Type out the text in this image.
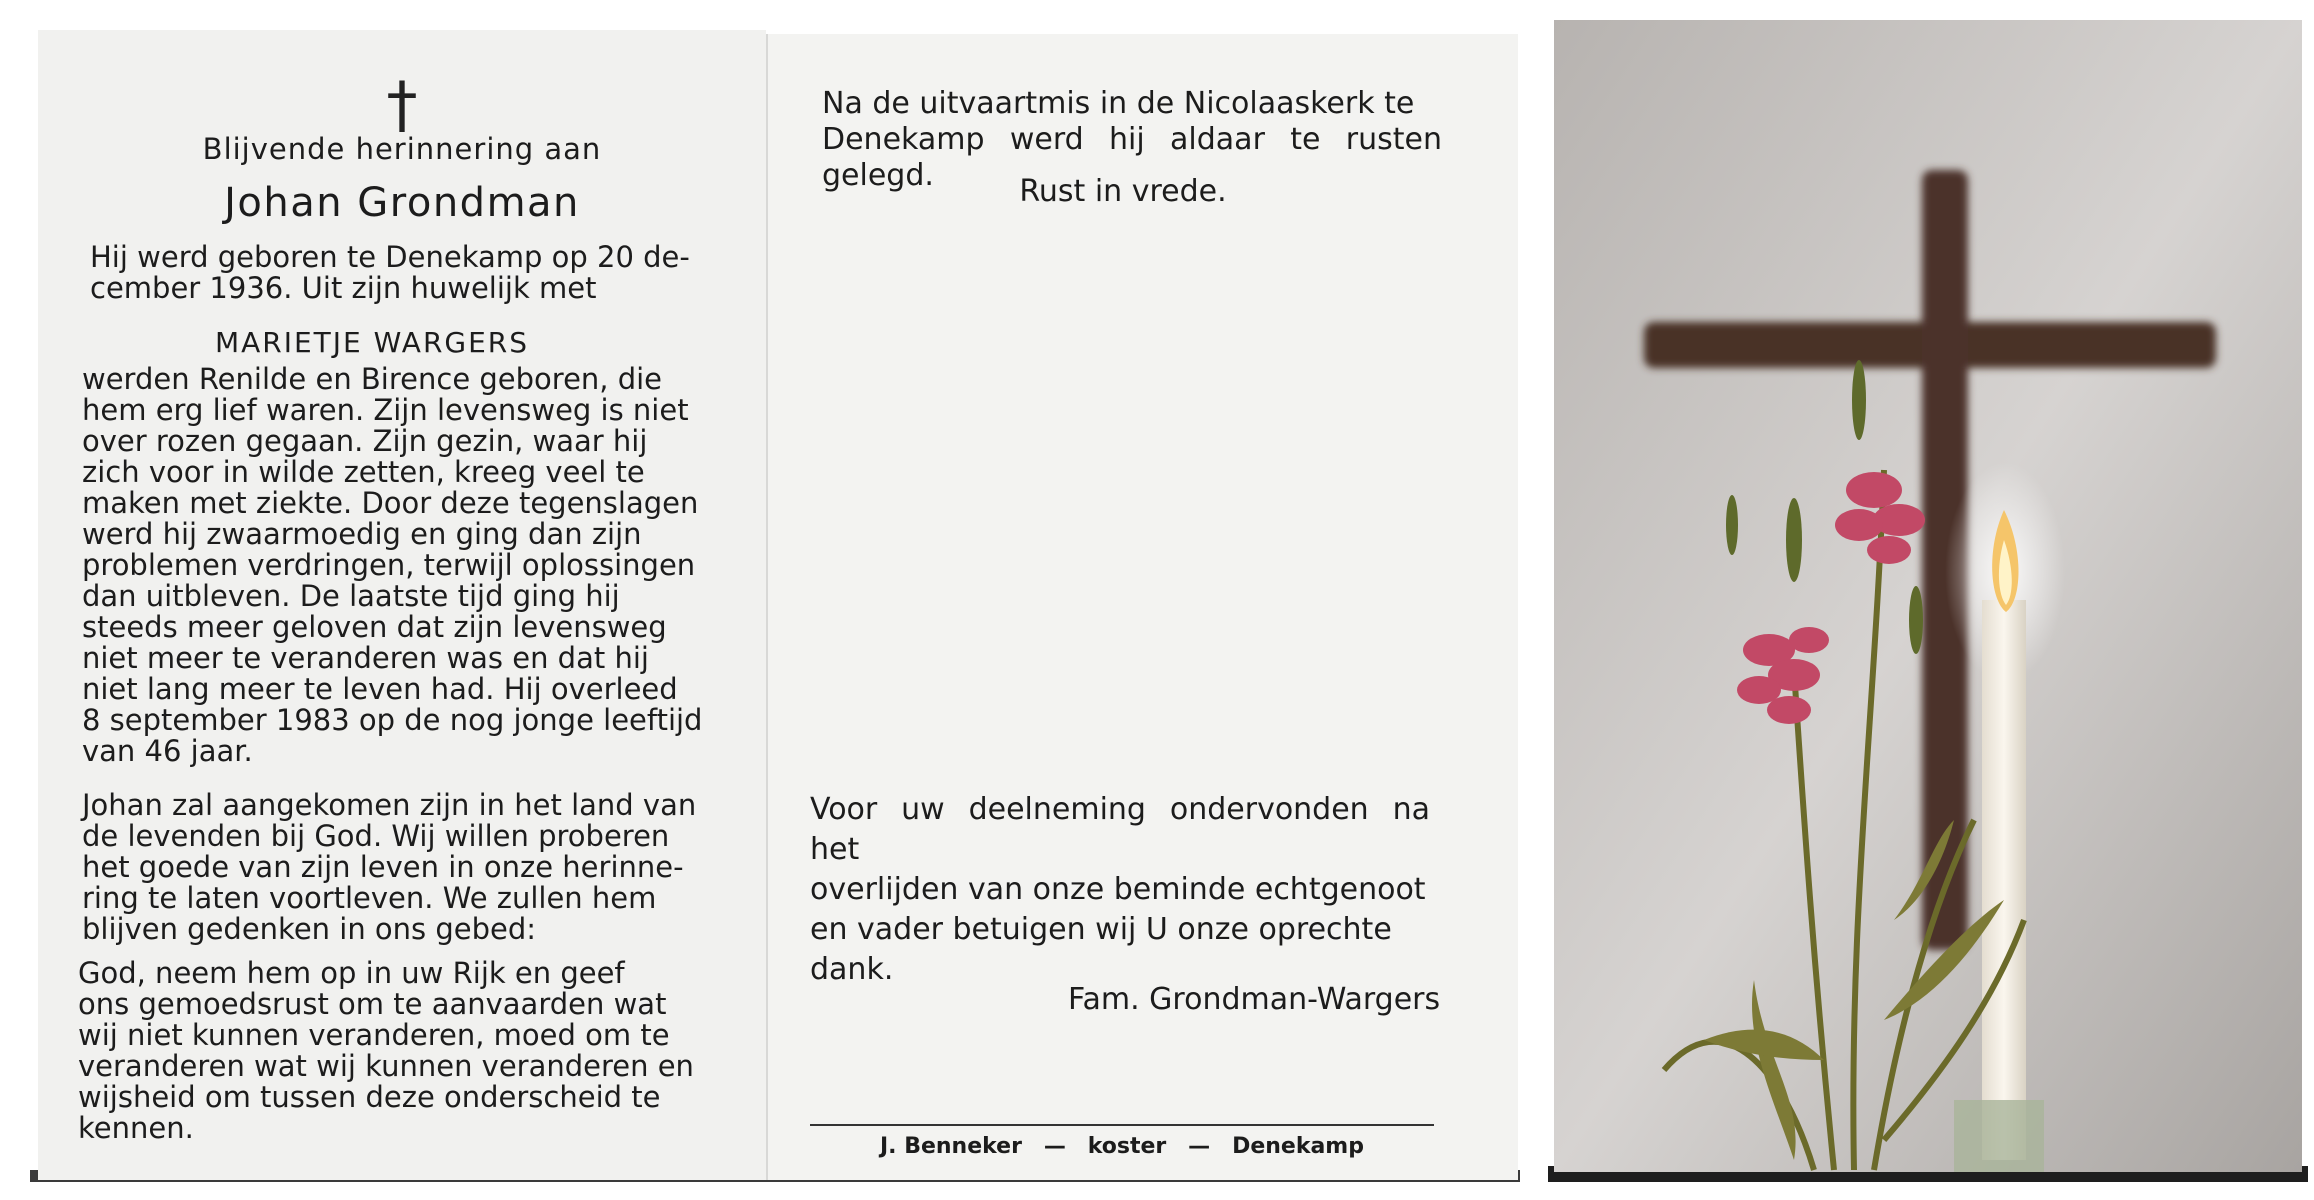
†
Blijvende herinnering aan
Johan Grondman

Hij werd geboren te Denekamp op 20 de-
cember 1936. Uit zijn huwelijk met

MARIETJE WARGERS

werden Renilde en Birence geboren, die
hem erg lief waren. Zijn levensweg is niet
over rozen gegaan. Zijn gezin, waar hij
zich voor in wilde zetten, kreeg veel te
maken met ziekte. Door deze tegenslagen
werd hij zwaarmoedig en ging dan zijn
problemen verdringen, terwijl oplossingen
dan uitbleven. De laatste tijd ging hij
steeds meer geloven dat zijn levensweg
niet meer te veranderen was en dat hij
niet lang meer te leven had. Hij overleed
8 september 1983 op de nog jonge leeftijd
van 46 jaar.

Johan zal aangekomen zijn in het land van
de levenden bij God. Wij willen proberen
het goede van zijn leven in onze herinne-
ring te laten voortleven. We zullen hem
blijven gedenken in ons gebed:

God, neem hem op in uw Rijk en geef
ons gemoedsrust om te aanvaarden wat
wij niet kunnen veranderen, moed om te
veranderen wat wij kunnen veranderen en
wijsheid om tussen deze onderscheid te
kennen.

Na de uitvaartmis in de Nicolaaskerk te
Denekamp werd hij aldaar te rusten gelegd.	Rust in vrede.

Voor uw deelneming ondervonden na het
overlijden van onze beminde echtgenoot
en vader betuigen wij U onze oprechte
dank.

Fam. Grondman-Wargers
J. Benneker — koster — Denekamp
